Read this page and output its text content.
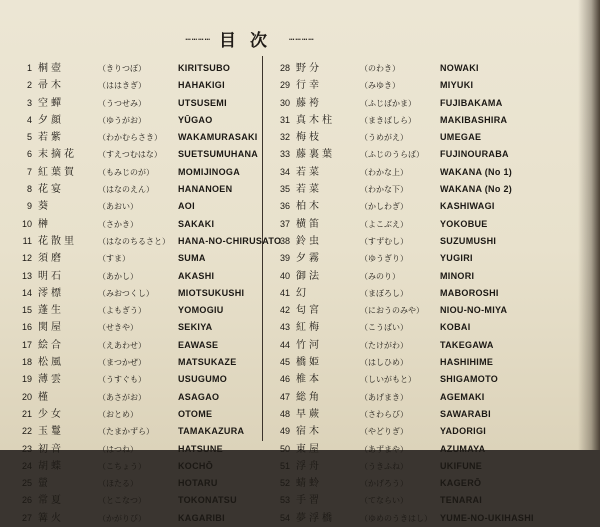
………… 目次 …………
1 桐壺	（きりつぼ）	KIRITSUBO
2 帚木	（ははきぎ）	HAHAKIGI
3 空蟬	（うつせみ）	UTSUSEMI
4 夕顔	（ゆうがお）	YŪGAO
5 若紫	（わかむらさき）	WAKAMURASAKI
6 末摘花	（すえつむはな）	SUETSUMUHANA
7 紅葉賀	（もみじのが）	MOMIJINOGA
8 花宴	（はなのえん）	HANANOEN
9 葵	（あおい）	AOI
10 榊	（さかき）	SAKAKI
11 花散里	（はなのちるさと） HANA-NO-CHIRUSATO
12 須磨	（すま）	SUMA
13 明石	（あかし）	AKASHI
14 澪標	（みおつくし）	MIOTSUKUSHI
15 蓬生	（よもぎう）	YOMOGIU
16 関屋	（せきや）	SEKIYA
17 絵合	（えあわせ）	EAWASE
18 松風	（まつかぜ）	MATSUKAZE
19 薄雲	（うすぐも）	USUGUMO
20 槿	（あさがお）	ASAGAO
21 少女	（おとめ）	OTOME
22 玉鬘	（たまかずら）	TAMAKAZURA
23 初音	（はつね）	HATSUNE
24 胡蝶	（こちょう）	KOCHŌ
25 螢	（ほたる）	HOTARU
26 常夏	（とこなつ）	TOKONATSU
27 篝火	（かがりび）	KAGARIBI
28 野分	（のわき）	NOWAKI
29 行幸	（みゆき）	MIYUKI
30 藤袴	（ふじばかま）	FUJIBAKAMA
31 真木柱	（まきばしら）	MAKIBASHIRA
32 梅枝	（うめがえ）	UMEGAE
33 藤裏葉	（ふじのうらば）	FUJINOURABA
34 若菜	（わかな上）	WAKANA (No 1)
35 若菜	（わかな下）	WAKANA (No 2)
36 柏木	（かしわぎ）	KASHIWAGI
37 横笛	（よこぶえ）	YOKOBUE
38 鈴虫	（すずむし）	SUZUMUSHI
39 夕霧	（ゆうぎり）	YUGIRI
40 御法	（みのり）	MINORI
41 幻	（まぼろし）	MABOROSHI
42 匂宮	（におうのみや）	NIOU-NO-MIYA
43 紅梅	（こうばい）	KOBAI
44 竹河	（たけがわ）	TAKEGAWA
45 橋姫	（はしひめ）	HASHIHIME
46 椎本	（しいがもと）	SHIGAMOTO
47 総角	（あげまき）	AGEMAKI
48 早蕨	（さわらび）	SAWARABI
49 宿木	（やどりぎ）	YADORIGI
50 東屋	（あずまや）	AZUMAYA
51 浮舟	（うきふね）	UKIFUNE
52 蜻蛉	（かげろう）	KAGERŌ
53 手習	（てならい）	TENARAI
54 夢浮橋	（ゆめのうきはし） YUME-NO-UKIHASHI
